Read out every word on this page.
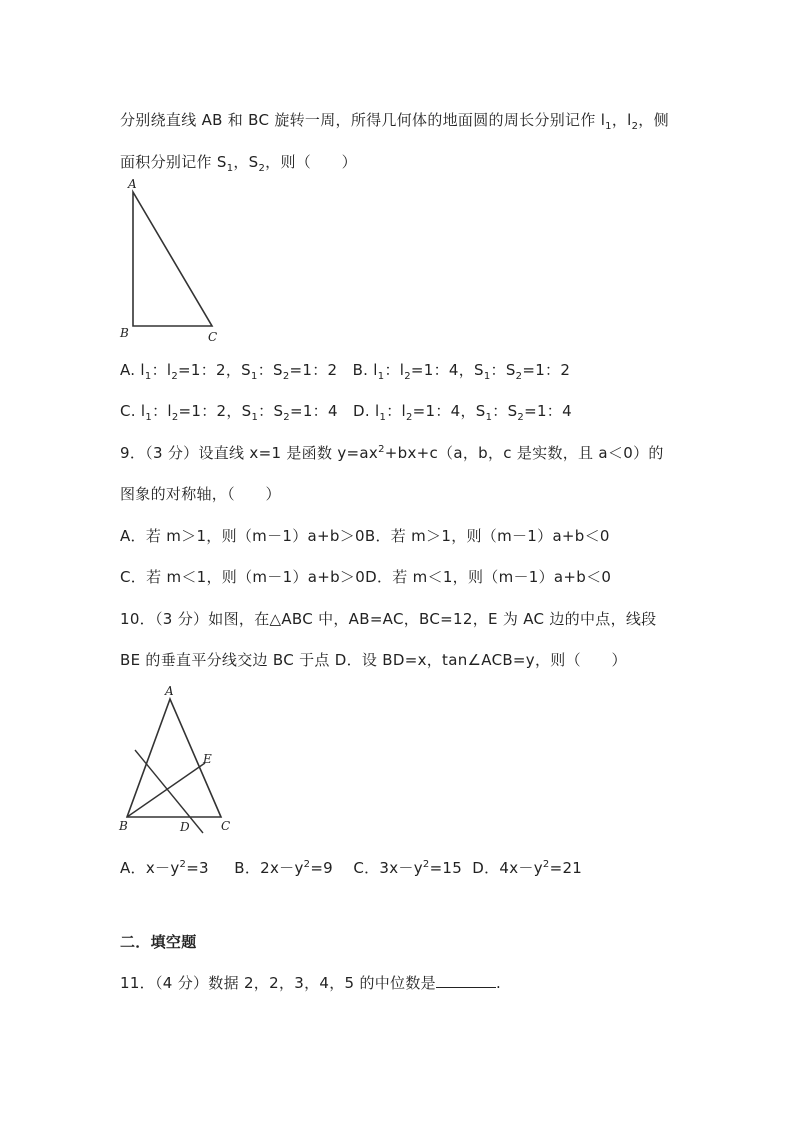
分别绕直线 AB 和 BC 旋转一周，所得几何体的地面圆的周长分别记作 $l_1$，$l_2$，侧
面积分别记作 $S_1$，$S_2$，则（　　）
A
B	C
A. $l_1$：$l_2=1$：2，$S_1$：$S_2=1$：2 B. $l_1$：$l_2=1$：4，$S_1$：$S_2=1$：2
C. $l_1$：$l_2=1$：2，$S_1$：$S_2=1$：4 D. $l_1$：$l_2=1$：4，$S_1$：$S_2=1$：4
9．（3 分）设直线 x=1 是函数 $y=ax^2+bx+c(a$，b，c 是实数，且 a＜0）的
图象的对称轴，（　　）
A．若 m＞1，则（m－1）a+b＞0B．若 m＞1，则（m－1）a+b＜0
C．若 m＜1，则（m－1）a+b＞0D．若 m＜1，则（m－1）a+b＜0
10．（3 分）如图，在△ABC 中，AB=AC，BC=12，E 为 AC 边的中点，线段
BE 的垂直平分线交边 BC 于点 D．设 BD=x，tan∠ACB=y，则（　　）
A
B	C
D
E
A．$x-y^2=3$ B．$2x-y^2=9$ C．$3x-y^2=15$ D．$4x-y^2=21$
二．填空题
11．（4 分）数据 2，2，3，4，5 的中位数是	.
